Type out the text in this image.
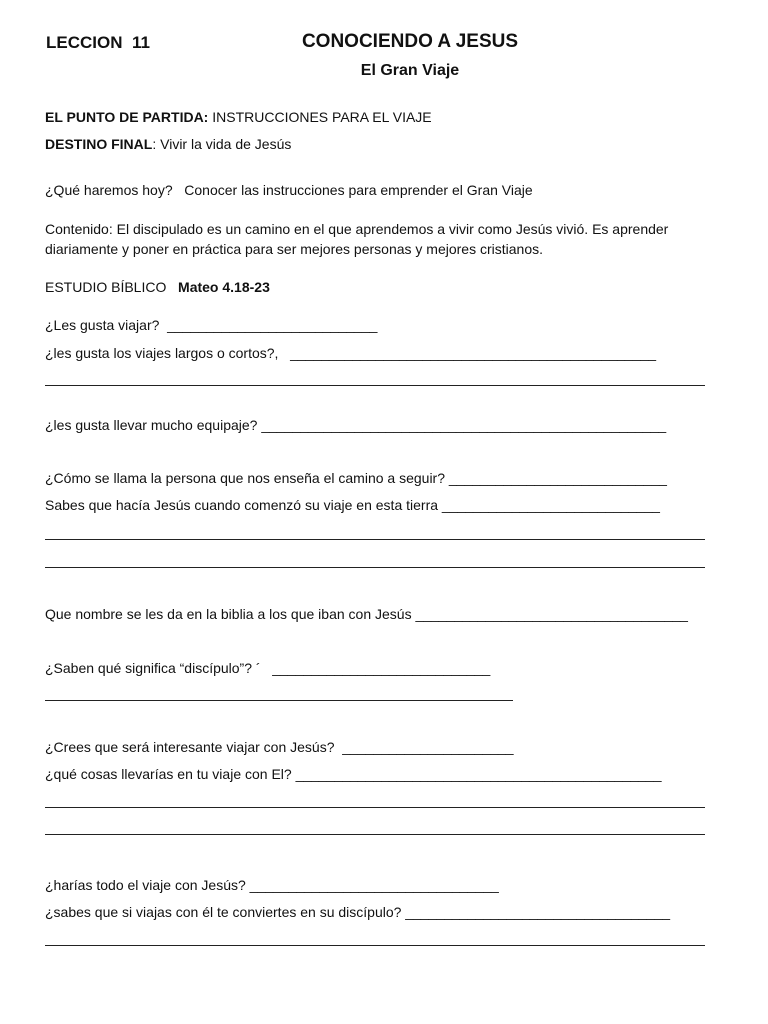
LECCION  11	CONOCIENDO A JESUS
El Gran Viaje
EL PUNTO DE PARTIDA: INSTRUCCIONES PARA EL VIAJE
DESTINO FINAL: Vivir la vida de Jesús
¿Qué haremos hoy?   Conocer las instrucciones para emprender el Gran Viaje
Contenido: El discipulado es un camino en el que aprendemos a vivir como Jesús vivió. Es aprender
diariamente y poner en práctica para ser mejores personas y mejores cristianos.
ESTUDIO BÍBLICO   Mateo 4.18-23
¿Les gusta viajar?  ___________________________
¿les gusta los viajes largos o cortos?,   _______________________________________________
¿les gusta llevar mucho equipaje? ____________________________________________________
¿Cómo se llama la persona que nos enseña el camino a seguir? ____________________________
Sabes que hacía Jesús cuando comenzó su viaje en esta tierra ____________________________
Que nombre se les da en la biblia a los que iban con Jesús ___________________________________
¿Saben qué significa “discípulo”? ´   ____________________________
¿Crees que será interesante viajar con Jesús?  ______________________
¿qué cosas llevarías en tu viaje con El? _______________________________________________
¿harías todo el viaje con Jesús? ________________________________
¿sabes que si viajas con él te conviertes en su discípulo? __________________________________
